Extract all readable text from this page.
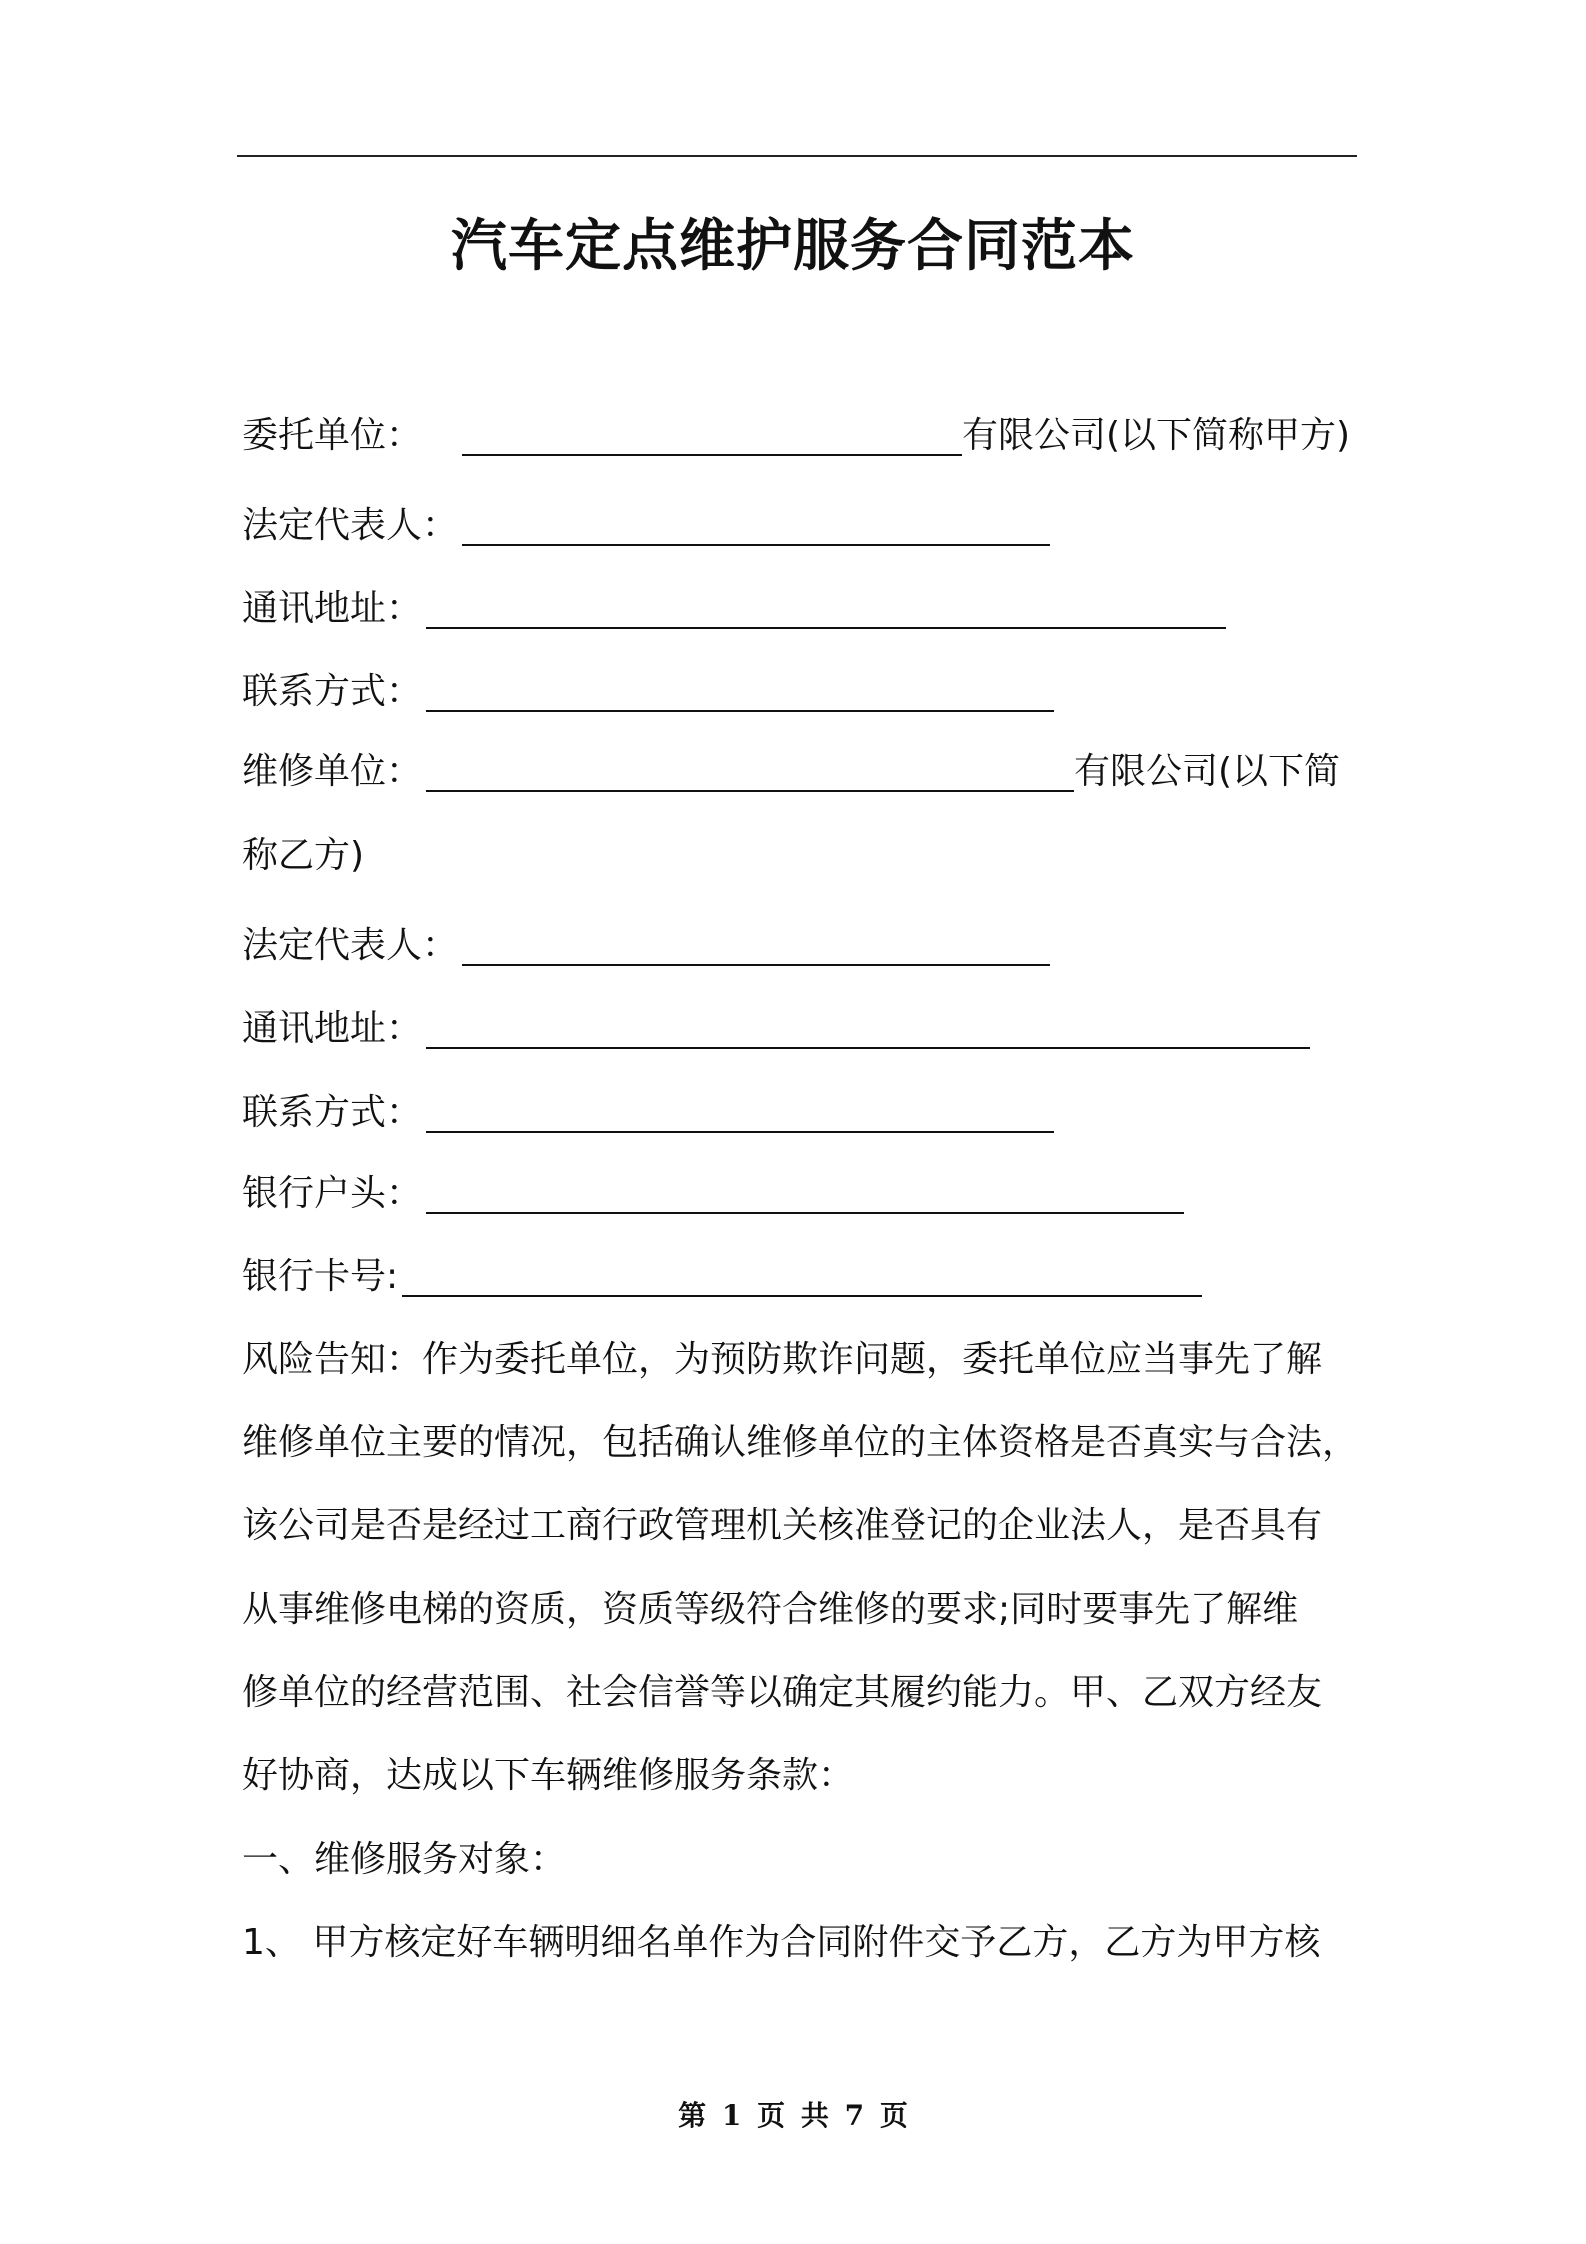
汽车定点维护服务合同范本
委托单位：	有限公司(以下简称甲方)
法定代表人：
通讯地址：
联系方式：
维修单位：	有限公司(以下简
称乙方)
法定代表人：
通讯地址：
联系方式：
银行户头：
银行卡号:
风险告知：作为委托单位，为预防欺诈问题，委托单位应当事先了解
维修单位主要的情况，包括确认维修单位的主体资格是否真实与合法，
该公司是否是经过工商行政管理机关核准登记的企业法人，是否具有
从事维修电梯的资质，资质等级符合维修的要求;同时要事先了解维
修单位的经营范围、社会信誉等以确定其履约能力。甲、乙双方经友
好协商，达成以下车辆维修服务条款：
一、维修服务对象：
1、 甲方核定好车辆明细名单作为合同附件交予乙方，乙方为甲方核
第 1 页 共 7 页
